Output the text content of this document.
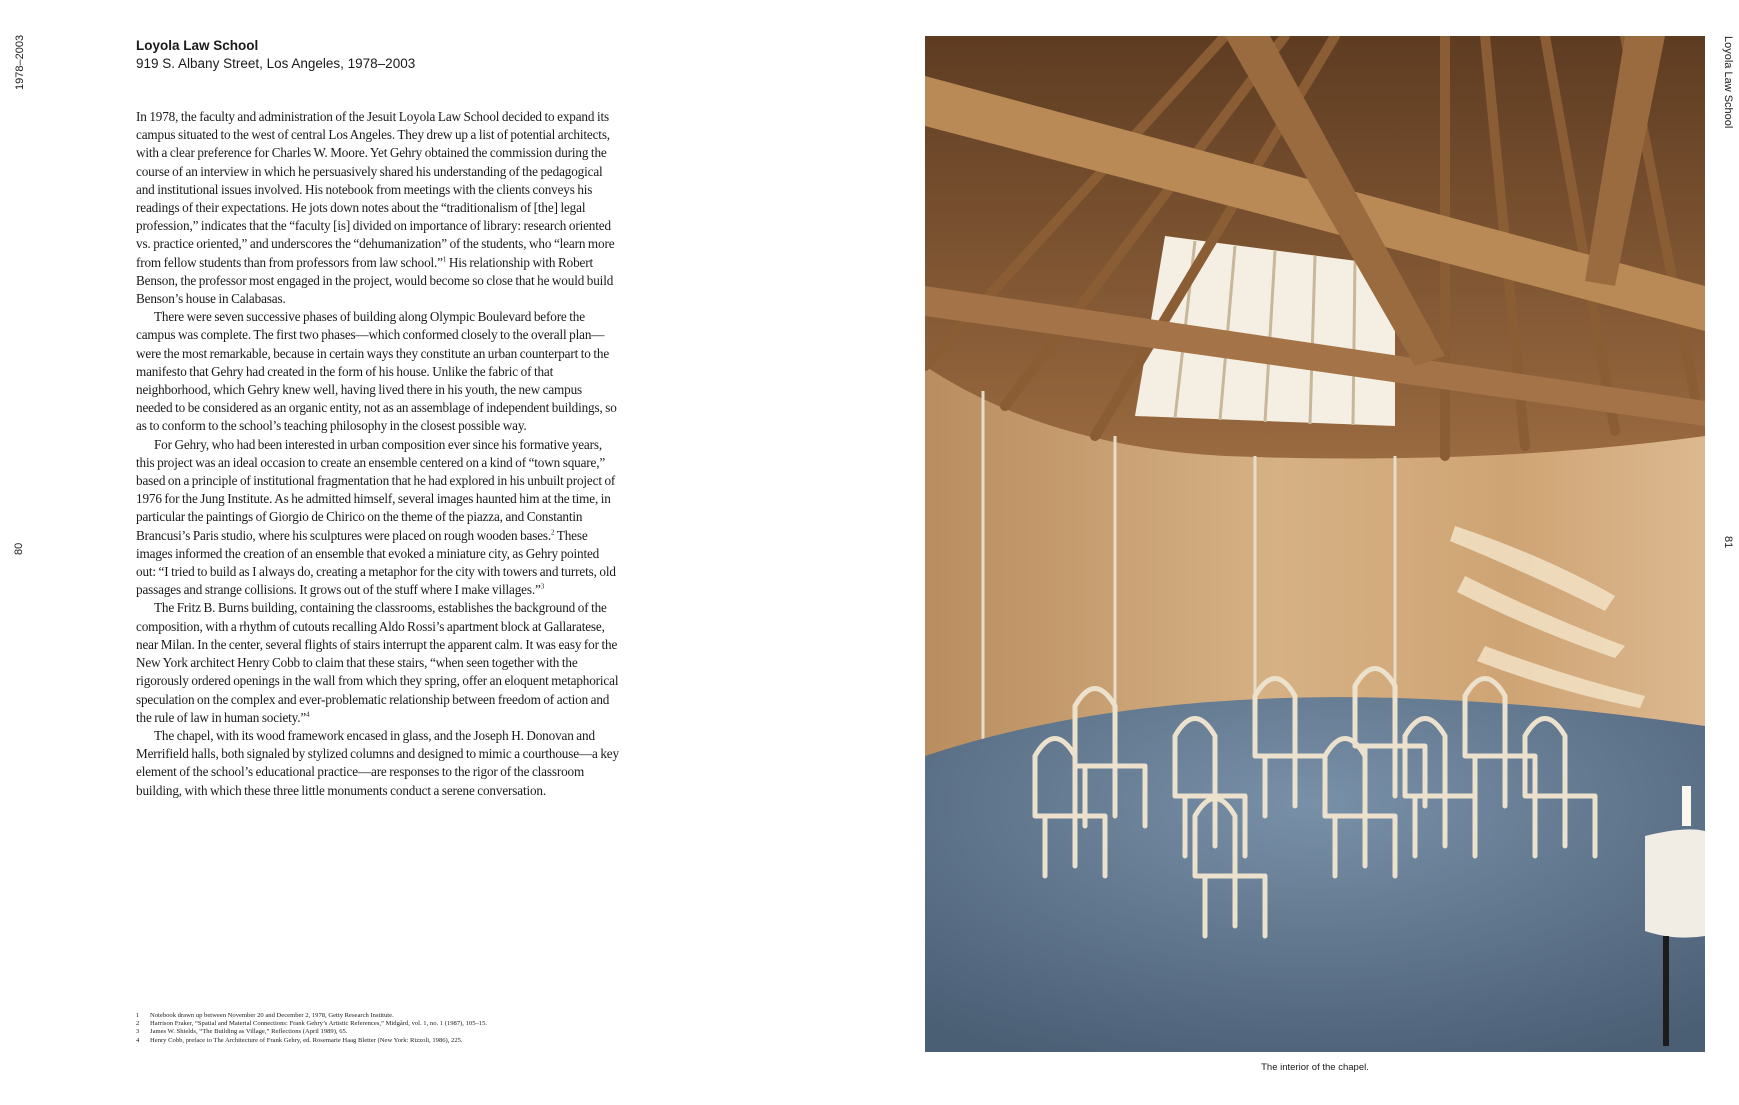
1978–2003
80
Loyola Law School
81
Loyola Law School
919 S. Albany Street, Los Angeles, 1978–2003

In 1978, the faculty and administration of the Jesuit Loyola Law School decided to expand its campus situated to the west of central Los Angeles. They drew up a list of potential architects, with a clear preference for Charles W. Moore. Yet Gehry obtained the commission during the course of an interview in which he persuasively shared his understanding of the pedagogical and institutional issues involved. His notebook from meetings with the clients conveys his readings of their expectations. He jots down notes about the “traditionalism of [the] legal profession,” indicates that the “faculty [is] divided on importance of library: research oriented vs. practice oriented,” and underscores the “dehumanization” of the students, who “learn more from fellow students than from professors from law school.”$^1$ His relationship with Robert Benson, the professor most engaged in the project, would become so close that he would build Benson’s house in Calabasas.

There were seven successive phases of building along Olympic Boulevard before the campus was complete. The first two phases—which conformed closely to the overall plan—were the most remarkable, because in certain ways they constitute an urban counterpart to the manifesto that Gehry had created in the form of his house. Unlike the fabric of that neighborhood, which Gehry knew well, having lived there in his youth, the new campus needed to be considered as an organic entity, not as an assemblage of independent buildings, so as to conform to the school’s teaching philosophy in the closest possible way.

For Gehry, who had been interested in urban composition ever since his formative years, this project was an ideal occasion to create an ensemble centered on a kind of “town square,” based on a principle of institutional fragmentation that he had explored in his unbuilt project of 1976 for the Jung Institute. As he admitted himself, several images haunted him at the time, in particular the paintings of Giorgio de Chirico on the theme of the piazza, and Constantin Brancusi’s Paris studio, where his sculptures were placed on rough wooden bases.$^2$ These images informed the creation of an ensemble that evoked a miniature city, as Gehry pointed out: “I tried to build as I always do, creating a metaphor for the city with towers and turrets, old passages and strange collisions. It grows out of the stuff where I make villages.”$^3$

The Fritz B. Burns building, containing the classrooms, establishes the background of the composition, with a rhythm of cutouts recalling Aldo Rossi’s apartment block at Gallaratese, near Milan. In the center, several flights of stairs interrupt the apparent calm. It was easy for the New York architect Henry Cobb to claim that these stairs, “when seen together with the rigorously ordered openings in the wall from which they spring, offer an eloquent metaphorical speculation on the complex and ever-problematic relationship between freedom of action and the rule of law in human society.”$^4$

The chapel, with its wood framework encased in glass, and the Joseph H. Donovan and Merrifield halls, both signaled by stylized columns and designed to mimic a courthouse—a key element of the school’s educational practice—are responses to the rigor of the classroom building, with which these three little monuments conduct a serene conversation.

1	Notebook drawn up between November 20 and December 2, 1978, Getty Research Institute.
2	Harrison Fraker, “Spatial and Material Connections: Frank Gehry’s Artistic References,” Midgård, vol. 1, no. 1 (1987), 105–15.
3	James W. Shields, “The Building as Village,” Reflections (April 1989), 65.
4	Henry Cobb, preface to The Architecture of Frank Gehry, ed. Rosemarie Haag Bletter (New York: Rizzoli, 1986), 225.
The interior of the chapel.
